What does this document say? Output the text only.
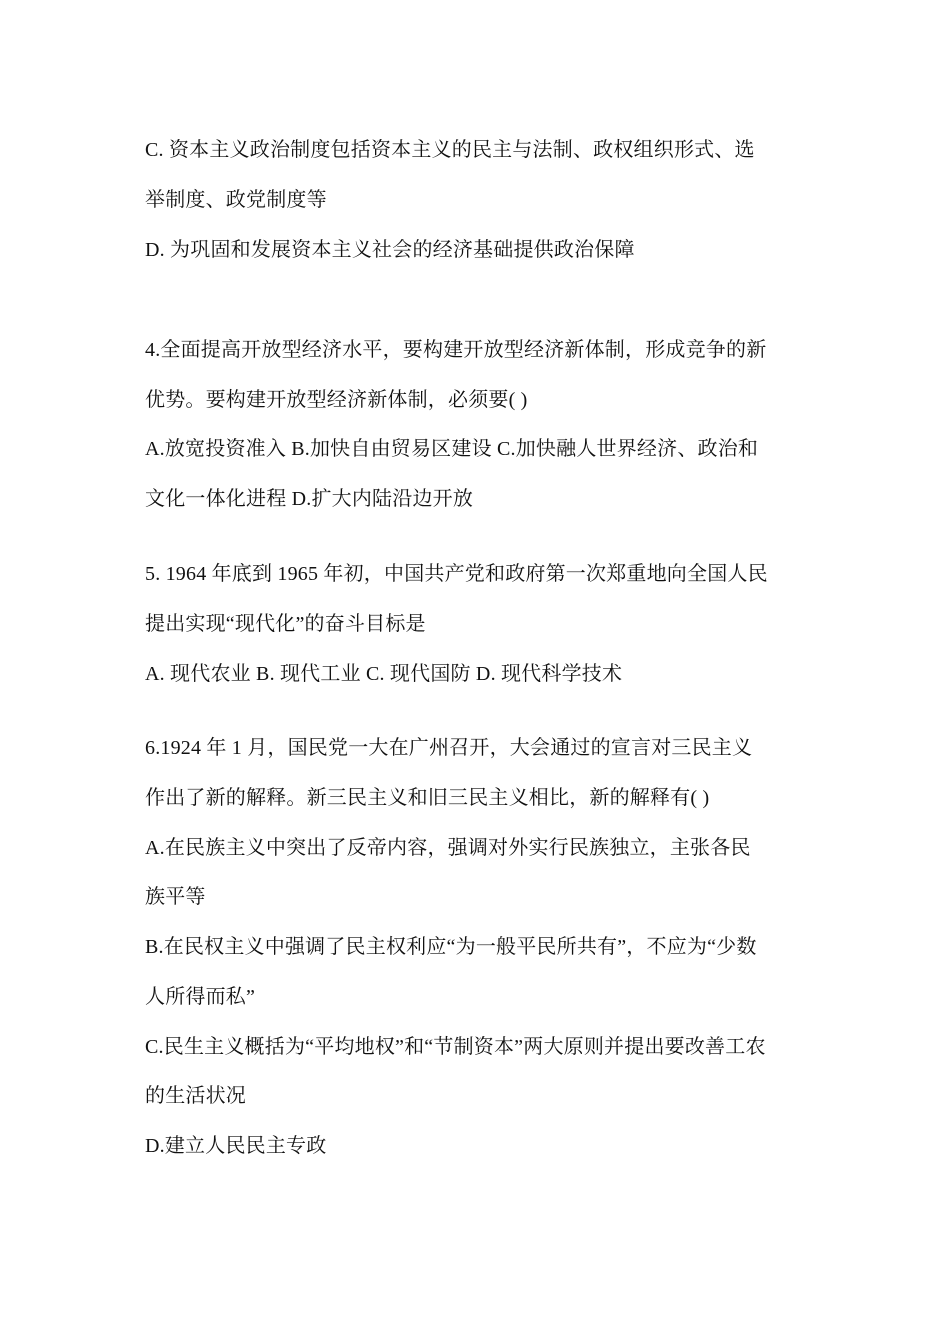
C. 资本主义政治制度包括资本主义的民主与法制、政权组织形式、选
举制度、政党制度等
D. 为巩固和发展资本主义社会的经济基础提供政治保障
4.全面提高开放型经济水平，要构建开放型经济新体制，形成竞争的新
优势。要构建开放型经济新体制，必须要( )
A.放宽投资准入 B.加快自由贸易区建设 C.加快融人世界经济、政治和
文化一体化进程 D.扩大内陆沿边开放
5. 1964 年底到 1965 年初，中国共产党和政府第一次郑重地向全国人民
提出实现“现代化”的奋斗目标是
A. 现代农业 B. 现代工业 C. 现代国防 D. 现代科学技术
6.1924 年 1 月，国民党一大在广州召开，大会通过的宣言对三民主义
作出了新的解释。新三民主义和旧三民主义相比，新的解释有( )
A.在民族主义中突出了反帝内容，强调对外实行民族独立，主张各民
族平等
B.在民权主义中强调了民主权利应“为一般平民所共有”，不应为“少数
人所得而私”
C.民生主义概括为“平均地权”和“节制资本”两大原则并提出要改善工农
的生活状况
D.建立人民民主专政
